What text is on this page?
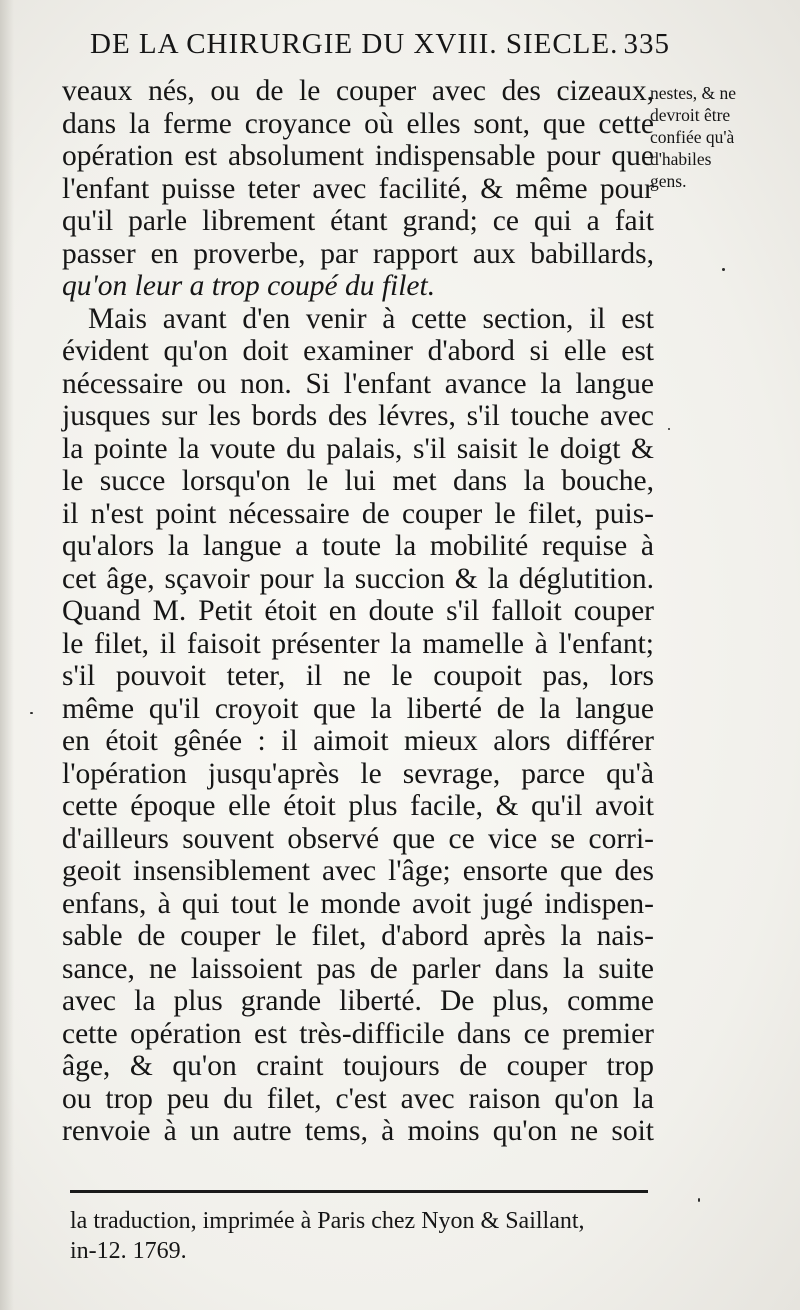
DE LA CHIRURGIE DU XVIII. SIECLE. 335
veaux nés, ou de le couper avec des cizeaux,
dans la ferme croyance où elles sont, que cette
opération est absolument indispensable pour que
l'enfant puisse teter avec facilité, & même pour
qu'il parle librement étant grand; ce qui a fait
passer en proverbe, par rapport aux babillards,
qu'on leur a trop coupé du filet.
Mais avant d'en venir à cette section, il est
évident qu'on doit examiner d'abord si elle est
nécessaire ou non. Si l'enfant avance la langue
jusques sur les bords des lévres, s'il touche avec
la pointe la voute du palais, s'il saisit le doigt &
le succe lorsqu'on le lui met dans la bouche,
il n'est point nécessaire de couper le filet, puis-
qu'alors la langue a toute la mobilité requise à
cet âge, sçavoir pour la succion & la déglutition.
Quand M. Petit étoit en doute s'il falloit couper
le filet, il faisoit présenter la mamelle à l'enfant;
s'il pouvoit teter, il ne le coupoit pas, lors
même qu'il croyoit que la liberté de la langue
en étoit gênée : il aimoit mieux alors différer
l'opération jusqu'après le sevrage, parce qu'à
cette époque elle étoit plus facile, & qu'il avoit
d'ailleurs souvent observé que ce vice se corri-
geoit insensiblement avec l'âge; ensorte que des
enfans, à qui tout le monde avoit jugé indispen-
sable de couper le filet, d'abord après la nais-
sance, ne laissoient pas de parler dans la suite
avec la plus grande liberté. De plus, comme
cette opération est très-difficile dans ce premier
âge, & qu'on craint toujours de couper trop
ou trop peu du filet, c'est avec raison qu'on la
renvoie à un autre tems, à moins qu'on ne soit
nestes, & ne
devroit être
confiée qu'à
d'habiles
gens.
la traduction, imprimée à Paris chez Nyon & Saillant,
in-12. 1769.
